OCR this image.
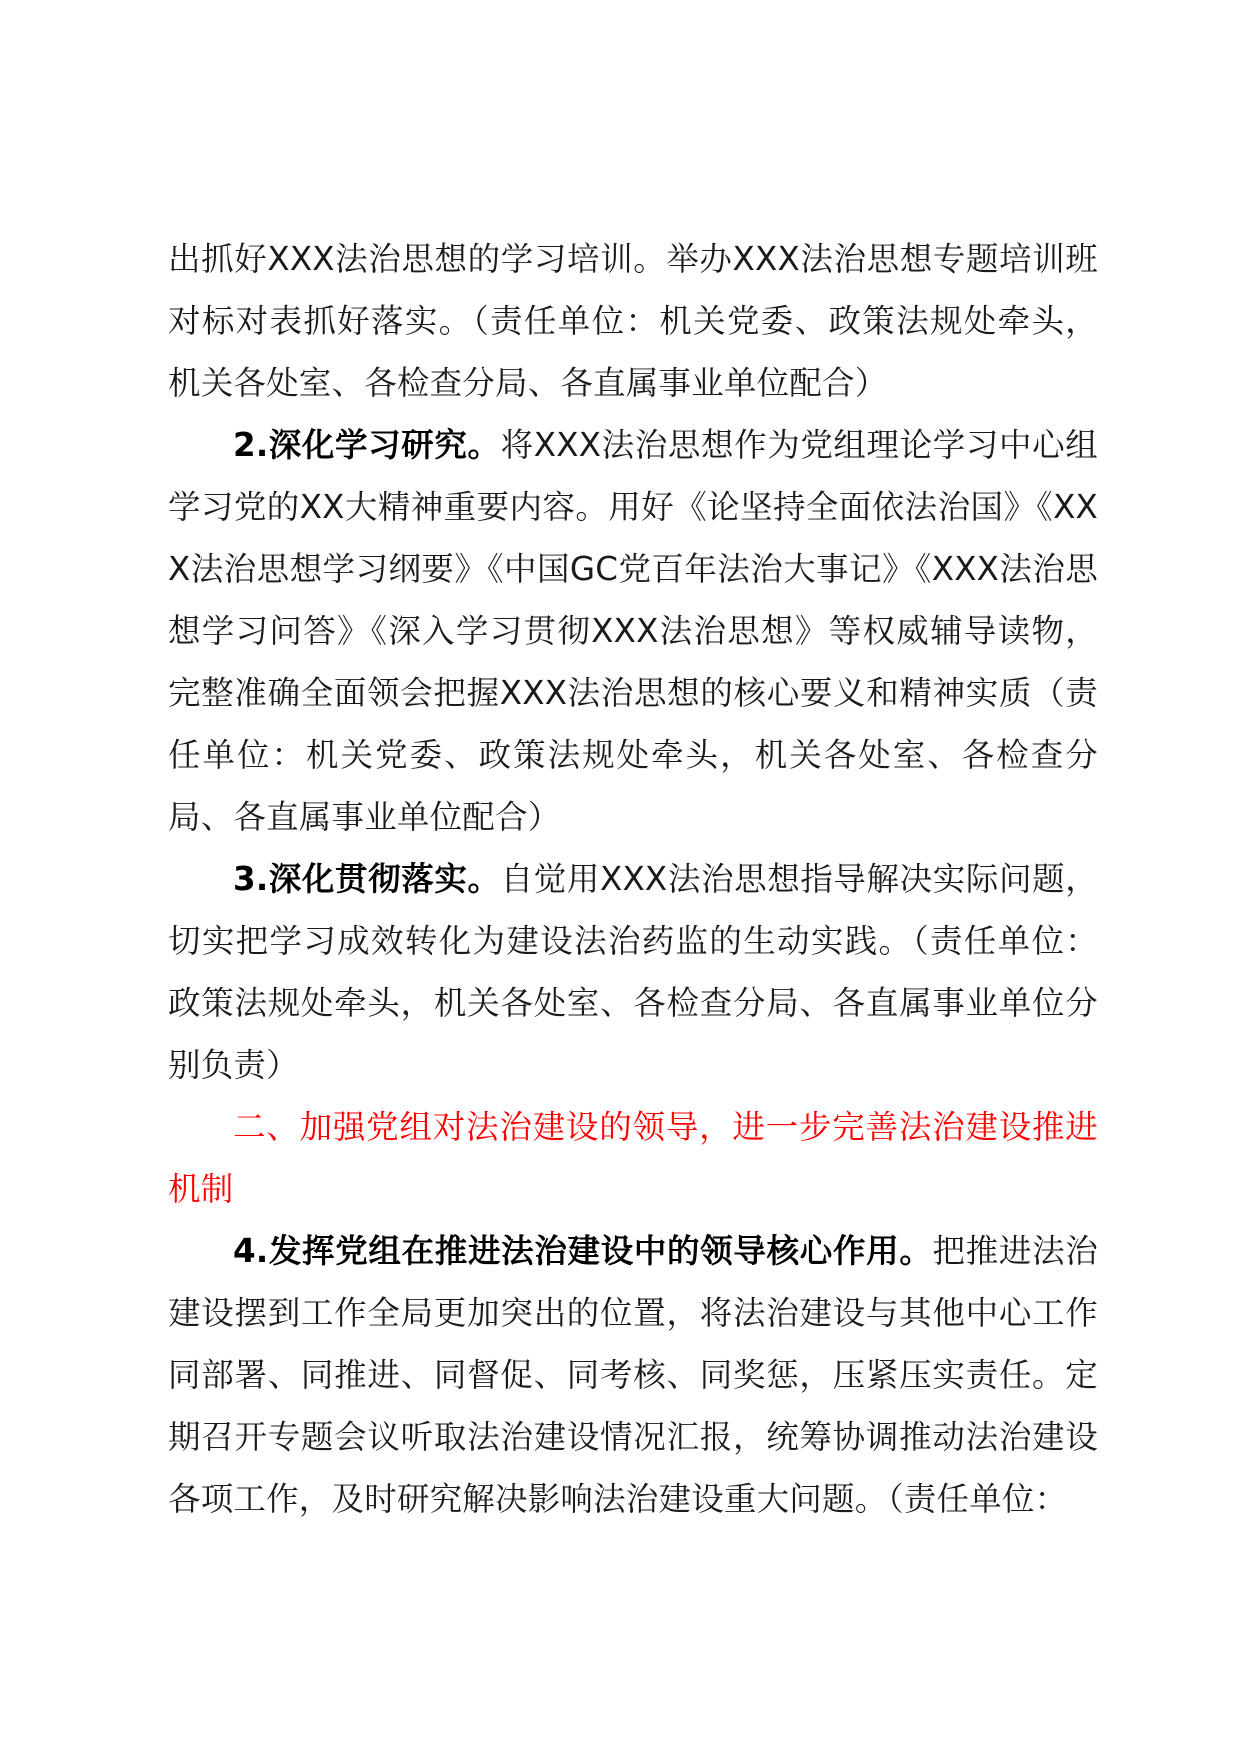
出抓好XXX法治思想的学习培训。举办XXX法治思想专题培训班对标对表抓好落实。（责任单位：机关党委、政策法规处牵头，机关各处室、各检查分局、各直属事业单位配合）

2.深化学习研究。将XXX法治思想作为党组理论学习中心组学习党的XX大精神重要内容。用好《论坚持全面依法治国》《XXX法治思想学习纲要》《中国GC党百年法治大事记》《XXX法治思想学习问答》《深入学习贯彻XXX法治思想》等权威辅导读物，完整准确全面领会把握XXX法治思想的核心要义和精神实质（责任单位：机关党委、政策法规处牵头，机关各处室、各检查分局、各直属事业单位配合）

3.深化贯彻落实。自觉用XXX法治思想指导解决实际问题，切实把学习成效转化为建设法治药监的生动实践。（责任单位：政策法规处牵头，机关各处室、各检查分局、各直属事业单位分别负责）

二、加强党组对法治建设的领导，进一步完善法治建设推进机制

4.发挥党组在推进法治建设中的领导核心作用。把推进法治建设摆到工作全局更加突出的位置，将法治建设与其他中心工作同部署、同推进、同督促、同考核、同奖惩，压紧压实责任。定期召开专题会议听取法治建设情况汇报，统筹协调推动法治建设各项工作，及时研究解决影响法治建设重大问题。（责任单位：
